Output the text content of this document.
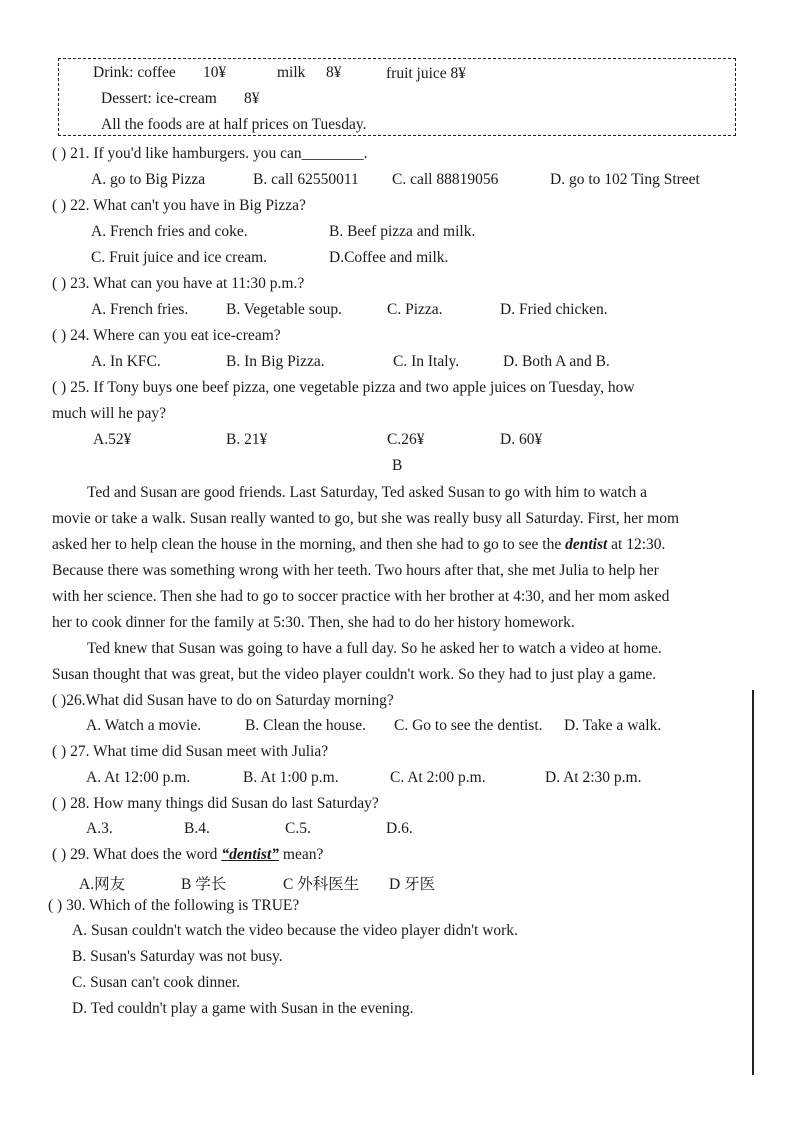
Drink: coffee 10¥	milk 8¥	fruit juice 8¥
Dessert: ice-cream 8¥
All the foods are at half prices on Tuesday.
( ) 21. If you'd like hamburgers. you can________.
A. go to Big Pizza	B. call 62550011 C. call 88819056	D. go to 102 Ting Street
( ) 22. What can't you have in Big Pizza?
A. French fries and coke.	B. Beef pizza and milk.
C. Fruit juice and ice cream.	D.Coffee and milk.
( ) 23. What can you have at 11:30 p.m.?
A. French fries. B. Vegetable soup.	C. Pizza.	D. Fried chicken.
( ) 24. Where can you eat ice-cream?
A. In KFC.	B. In Big Pizza.	C. In Italy.	D. Both A and B.
( ) 25. If Tony buys one beef pizza, one vegetable pizza and two apple juices on Tuesday, how
much will he pay?
A.52¥	B. 21¥	C.26¥	D. 60¥
B
Ted and Susan are good friends. Last Saturday, Ted asked Susan to go with him to watch a
movie or take a walk. Susan really wanted to go, but she was really busy all Saturday. First, her mom
asked her to help clean the house in the morning, and then she had to go to see the dentist at 12:30.
Because there was something wrong with her teeth. Two hours after that, she met Julia to help her
with her science. Then she had to go to soccer practice with her brother at 4:30, and her mom asked
her to cook dinner for the family at 5:30. Then, she had to do her history homework.
Ted knew that Susan was going to have a full day. So he asked her to watch a video at home.
Susan thought that was great, but the video player couldn't work. So they had to just play a game.
( )26.What did Susan have to do on Saturday morning?
A. Watch a movie.	B. Clean the house. C. Go to see the dentist. D. Take a walk.
( ) 27. What time did Susan meet with Julia?
A. At 12:00 p.m.	B. At 1:00 p.m.	C. At 2:00 p.m.	D. At 2:30 p.m.
( ) 28. How many things did Susan do last Saturday?
A.3.	B.4.	C.5.	D.6.
( ) 29. What does the word “dentist” mean?
A.网友	B 学长	C 外科医生 D 牙医
( ) 30. Which of the following is TRUE?
A. Susan couldn't watch the video because the video player didn't work.
B. Susan's Saturday was not busy.
C. Susan can't cook dinner.
D. Ted couldn't play a game with Susan in the evening.
